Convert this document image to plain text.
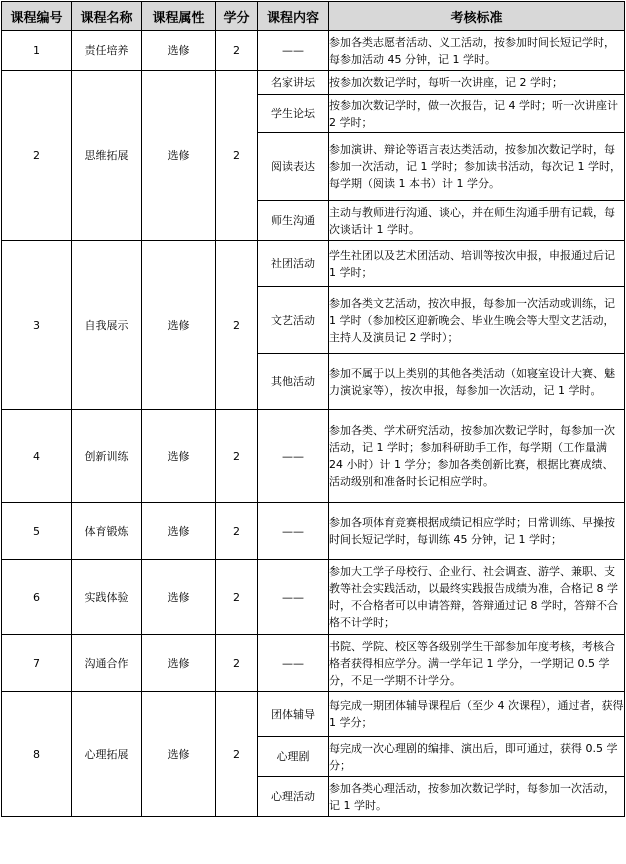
课程编号	课程名称	课程属性	学分	课程内容	考核标准
1	责任培养	选修	2	——	参加各类志愿者活动、义工活动，按参加时间长短记学时，每参加活动 45 分钟，记 1 学时。
2	思维拓展	选修	2	名家讲坛	按参加次数记学时，每听一次讲座，记 2 学时；
				学生论坛	按参加次数记学时，做一次报告，记 4 学时；听一次讲座计 2 学时；
				阅读表达	参加演讲、辩论等语言表达类活动，按参加次数记学时，每参加一次活动，记 1 学时；参加读书活动，每次记 1 学时，每学期（阅读 1 本书）计 1 学分。
				师生沟通	主动与教师进行沟通、谈心，并在师生沟通手册有记载，每次谈话计 1 学时。
3	自我展示	选修	2	社团活动	学生社团以及艺术团活动、培训等按次申报，申报通过后记 1 学时；
				文艺活动	参加各类文艺活动，按次申报，每参加一次活动或训练，记 1 学时（参加校区迎新晚会、毕业生晚会等大型文艺活动，主持人及演员记 2 学时）；
				其他活动	参加不属于以上类别的其他各类活动（如寝室设计大赛、魅力演说家等），按次申报，每参加一次活动，记 1 学时。
4	创新训练	选修	2	——	参加各类、学术研究活动，按参加次数记学时，每参加一次活动，记 1 学时；参加科研助手工作，每学期（工作量满 24 小时）计 1 学分；参加各类创新比赛，根据比赛成绩、活动级别和准备时长记相应学时。
5	体育锻炼	选修	2	——	参加各项体育竞赛根据成绩记相应学时；日常训练、早操按时间长短记学时，每训练 45 分钟，记 1 学时；
6	实践体验	选修	2	——	参加大工学子母校行、企业行、社会调查、游学、兼职、支教等社会实践活动，以最终实践报告成绩为准，合格记 8 学时，不合格者可以申请答辩，答辩通过记 8 学时，答辩不合格不计学时；
7	沟通合作	选修	2	——	书院、学院、校区等各级别学生干部参加年度考核，考核合格者获得相应学分。满一学年记 1 学分，一学期记 0.5 学分，不足一学期不计学分。
8	心理拓展	选修	2	团体辅导	每完成一期团体辅导课程后（至少 4 次课程），通过者，获得 1 学分；
				心理剧	每完成一次心理剧的编排、演出后，即可通过，获得 0.5 学分；
				心理活动	参加各类心理活动，按参加次数记学时，每参加一次活动，记 1 学时。
